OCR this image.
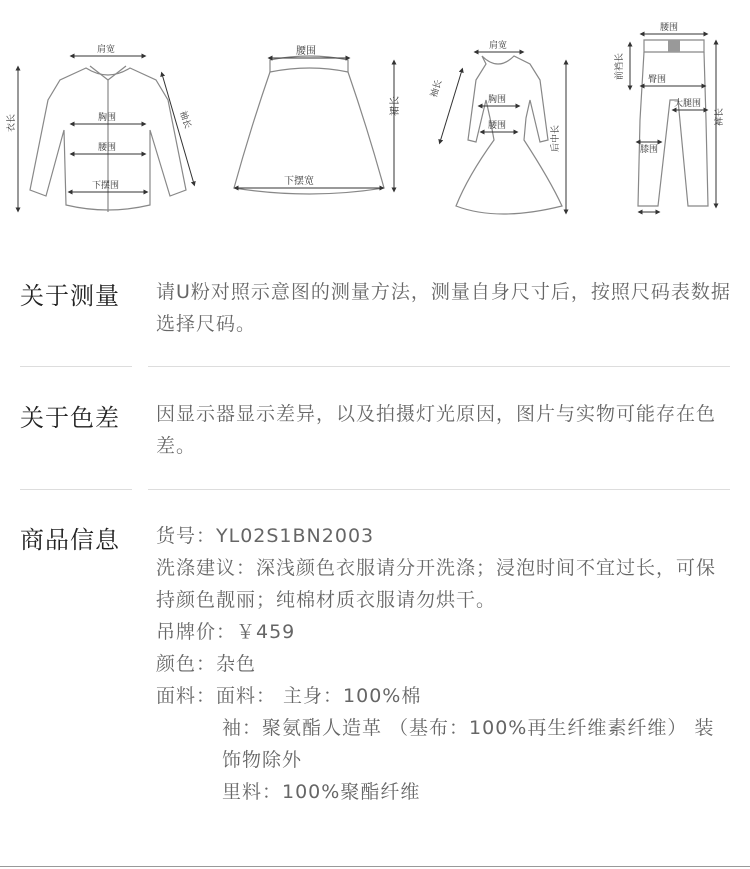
肩宽
胸围
腰围
下摆围
衣长	袖长
腰围
下摆宽
裙长
肩宽
袖长
胸围
腰围	后中长
腰围
前裆长	臀围
大腿围
膝围
裤长
关于测量 请U粉对照示意图的测量方法，测量自身尺寸后，按照尺码表数据选择尺码。
关于色差 因显示器显示差异，以及拍摄灯光原因，图片与实物可能存在色差。
商品信息 货号：YL02S1BN2003
洗涤建议：深浅颜色衣服请分开洗涤；浸泡时间不宜过长，可保持颜色靓丽；纯棉材质衣服请勿烘干。
吊牌价：￥459
颜色：杂色
面料：面料： 主身：100%棉
袖：聚氨酯人造革 （基布：100%再生纤维素纤维） 装饰物除外
里料：100%聚酯纤维
